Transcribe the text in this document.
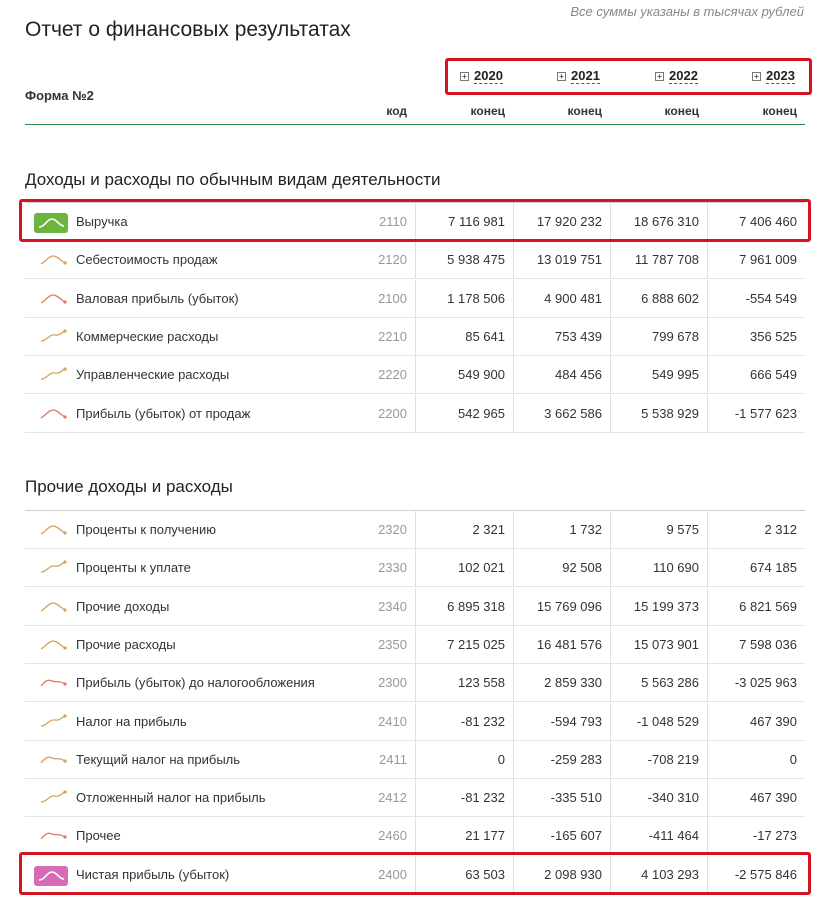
Все суммы указаны в тысячах рублей
Отчет о финансовых результатах
Форма №2
+ 2020	+ 2021	+ 2022	+ 2023
код	конец	конец	конец	конец
Доходы и расходы по обычным видам деятельности
Выручка	2110	7 116 981	17 920 232	18 676 310	7 406 460
Себестоимость продаж	2120	5 938 475	13 019 751	11 787 708	7 961 009
Валовая прибыль (убыток)	2100	1 178 506	4 900 481	6 888 602	-554 549
Коммерческие расходы	2210	85 641	753 439	799 678	356 525
Управленческие расходы	2220	549 900	484 456	549 995	666 549
Прибыль (убыток) от продаж	2200	542 965	3 662 586	5 538 929	-1 577 623
Прочие доходы и расходы
Проценты к получению	2320	2 321	1 732	9 575	2 312
Проценты к уплате	2330	102 021	92 508	110 690	674 185
Прочие доходы	2340	6 895 318	15 769 096	15 199 373	6 821 569
Прочие расходы	2350	7 215 025	16 481 576	15 073 901	7 598 036
Прибыль (убыток) до налогообложения	2300	123 558	2 859 330	5 563 286	-3 025 963
Налог на прибыль	2410	-81 232	-594 793	-1 048 529	467 390
Текущий налог на прибыль	2411	0	-259 283	-708 219	0
Отложенный налог на прибыль	2412	-81 232	-335 510	-340 310	467 390
Прочее	2460	21 177	-165 607	-411 464	-17 273
Чистая прибыль (убыток)	2400	63 503	2 098 930	4 103 293	-2 575 846
